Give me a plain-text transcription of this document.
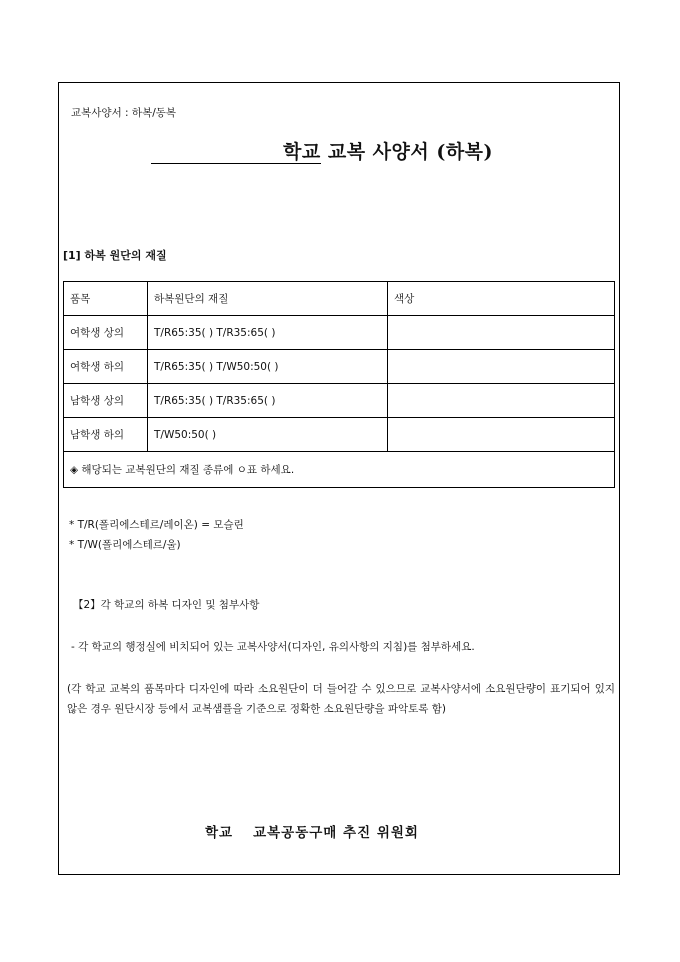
교복사양서 : 하복/동복
학교 교복 사양서 (하복)
[1] 하복 원단의 재질
품목	하복원단의 재질	색상
여학생 상의	T/R65:35( ) T/R35:65( )	
여학생 하의	T/R65:35( ) T/W50:50( )	
남학생 상의	T/R65:35( ) T/R35:65( )	
남학생 하의	T/W50:50( )	
◈ 해당되는 교복원단의 재질 종류에 ㅇ표 하세요.		
* T/R(폴리에스테르/레이온) = 모슬린
* T/W(폴리에스테르/울)
【2】각 학교의 하복 디자인 및 첨부사항
- 각 학교의 행정실에 비치되어 있는 교복사양서(디자인, 유의사항의 지침)를 첨부하세요.
(각 학교 교복의 품목마다 디자인에 따라 소요원단이 더 들어갈 수 있으므로 교복사양서에 소요원단량이 표기되어 있지 않은 경우 원단시장 등에서 교복샘플을 기준으로 정확한 소요원단량을 파악토록 함)
학교 교복공동구매 추진 위원회
